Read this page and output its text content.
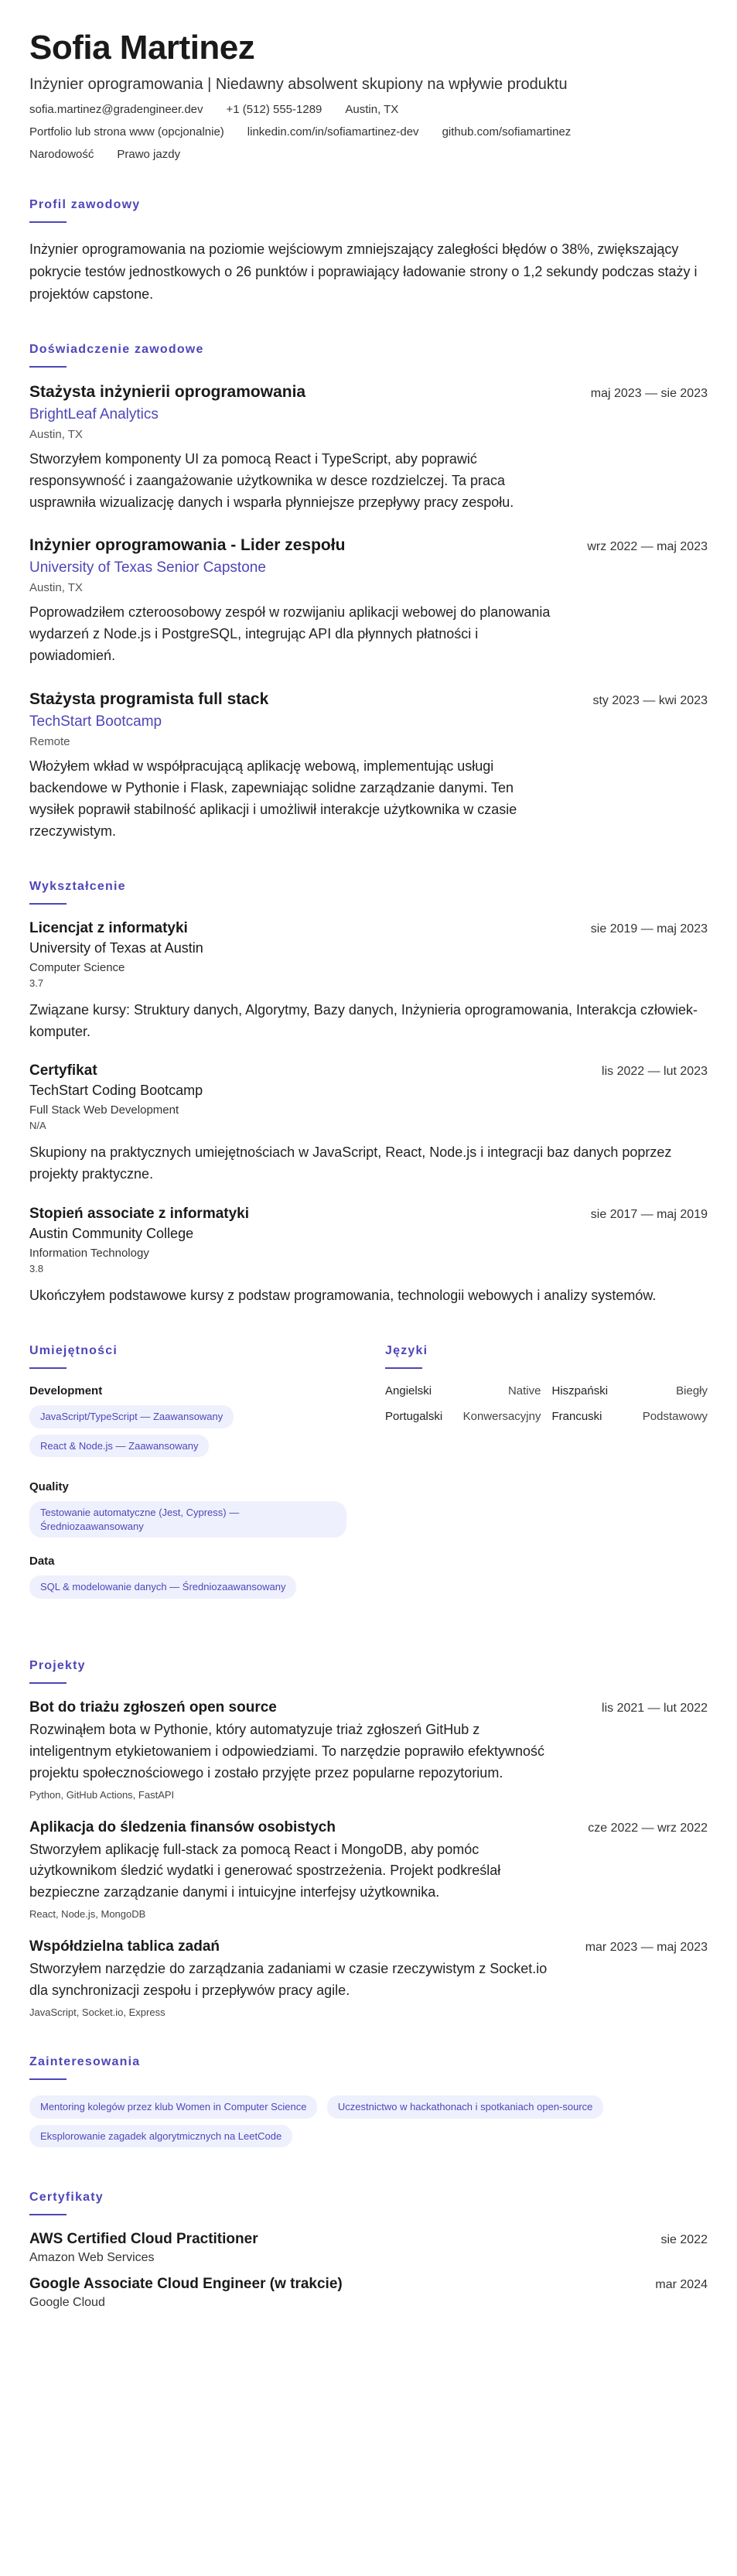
Sofia Martinez
Inżynier oprogramowania | Niedawny absolwent skupiony na wpływie produktu
sofia.martinez@gradengineer.dev +1 (512) 555-1289 Austin, TX
Portfolio lub strona www (opcjonalnie) linkedin.com/in/sofiamartinez-dev github.com/sofiamartinez
Narodowość Prawo jazdy
Profil zawodowy

Inżynier oprogramowania na poziomie wejściowym zmniejszający zaległości błędów o 38%, zwiększający pokrycie testów jednostkowych o 26 punktów i poprawiający ładowanie strony o 1,2 sekundy podczas staży i projektów capstone.

Doświadczenie zawodowe
Stażysta inżynierii oprogramowania	maj 2023 — sie 2023
BrightLeaf Analytics
Austin, TX

Stworzyłem komponenty UI za pomocą React i TypeScript, aby poprawić responsywność i zaangażowanie użytkownika w desce rozdzielczej. Ta praca usprawniła wizualizację danych i wsparła płynniejsze przepływy pracy zespołu.

Inżynier oprogramowania - Lider zespołu	wrz 2022 — maj 2023
University of Texas Senior Capstone
Austin, TX

Poprowadziłem czteroosobowy zespół w rozwijaniu aplikacji webowej do planowania wydarzeń z Node.js i PostgreSQL, integrując API dla płynnych płatności i powiadomień.

Stażysta programista full stack	sty 2023 — kwi 2023
TechStart Bootcamp
Remote

Włożyłem wkład w współpracującą aplikację webową, implementując usługi backendowe w Pythonie i Flask, zapewniając solidne zarządzanie danymi. Ten wysiłek poprawił stabilność aplikacji i umożliwił interakcje użytkownika w czasie rzeczywistym.

Wykształcenie
Licencjat z informatyki	sie 2019 — maj 2023
University of Texas at Austin
Computer Science
3.7

Związane kursy: Struktury danych, Algorytmy, Bazy danych, Inżynieria oprogramowania, Interakcja człowiek-komputer.

Certyfikat	lis 2022 — lut 2023
TechStart Coding Bootcamp
Full Stack Web Development
N/A

Skupiony na praktycznych umiejętnościach w JavaScript, React, Node.js i integracji baz danych poprzez projekty praktyczne.

Stopień associate z informatyki	sie 2017 — maj 2019
Austin Community College
Information Technology
3.8

Ukończyłem podstawowe kursy z podstaw programowania, technologii webowych i analizy systemów.

Umiejętności
Development
JavaScript/TypeScript — Zaawansowany
React & Node.js — Zaawansowany
Quality
Testowanie automatyczne (Jest, Cypress) — Średniozaawansowany
Data
SQL & modelowanie danych — Średniozaawansowany
Języki
Angielski	Native Hiszpański	Biegły
Portugalski Konwersacyjny Francuski	Podstawowy
Projekty
Bot do triażu zgłoszeń open source	lis 2021 — lut 2022

Rozwinąłem bota w Pythonie, który automatyzuje triaż zgłoszeń GitHub z inteligentnym etykietowaniem i odpowiedziami. To narzędzie poprawiło efektywność projektu społecznościowego i zostało przyjęte przez popularne repozytorium.

Python, GitHub Actions, FastAPI
Aplikacja do śledzenia finansów osobistych	cze 2022 — wrz 2022

Stworzyłem aplikację full-stack za pomocą React i MongoDB, aby pomóc użytkownikom śledzić wydatki i generować spostrzeżenia. Projekt podkreślał bezpieczne zarządzanie danymi i intuicyjne interfejsy użytkownika.

React, Node.js, MongoDB
Współdzielna tablica zadań	mar 2023 — maj 2023

Stworzyłem narzędzie do zarządzania zadaniami w czasie rzeczywistym z Socket.io dla synchronizacji zespołu i przepływów pracy agile.

JavaScript, Socket.io, Express
Zainteresowania
Mentoring kolegów przez klub Women in Computer Science	Uczestnictwo w hackathonach i spotkaniach open-source Eksplorowanie zagadek algorytmicznych na LeetCode
Certyfikaty
AWS Certified Cloud Practitioner	sie 2022
Amazon Web Services
Google Associate Cloud Engineer (w trakcie)	mar 2024
Google Cloud
